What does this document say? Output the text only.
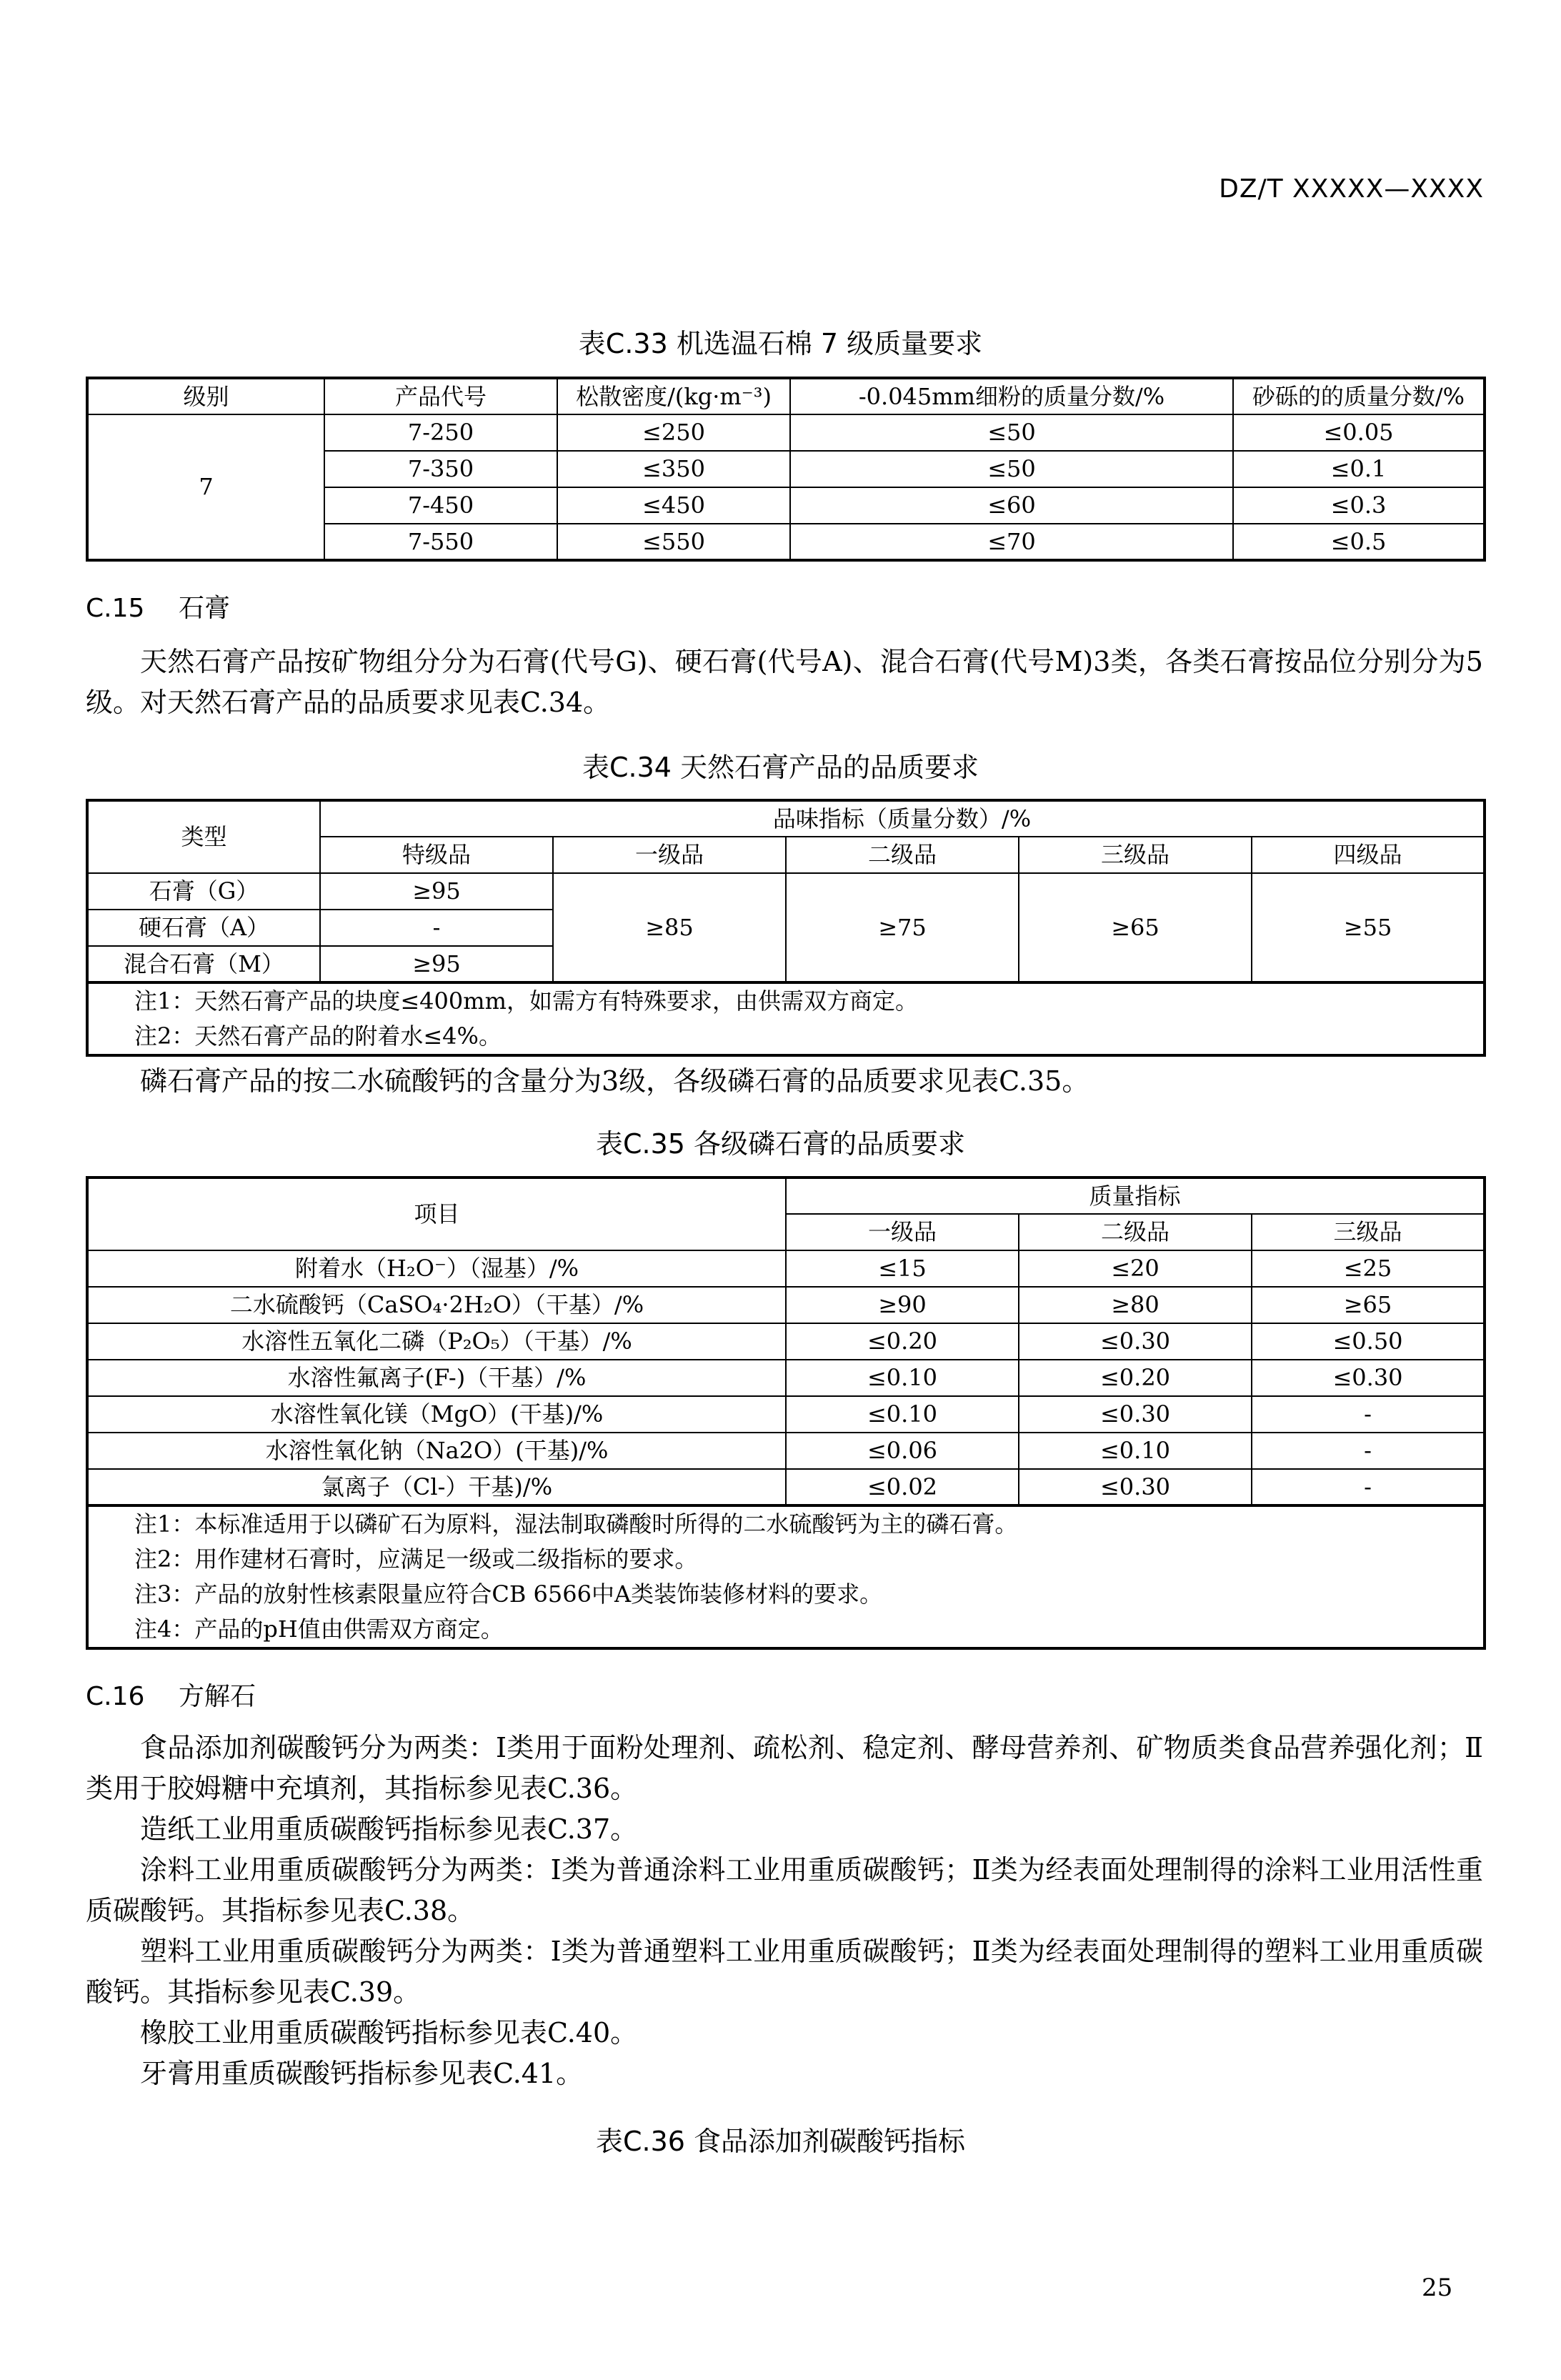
DZ/T XXXXX—XXXX
表C.33 机选温石棉 7 级质量要求
级别	产品代号	松散密度/(kg·m⁻³)	-0.045mm细粉的质量分数/%	砂砾的的质量分数/%
7	7-250	≤250	≤50	≤0.05
	7-350	≤350	≤50	≤0.1
	7-450	≤450	≤60	≤0.3
	7-550	≤550	≤70	≤0.5
C.15 石膏
天然石膏产品按矿物组分分为石膏(代号G)、硬石膏(代号A)、混合石膏(代号M)3类，各类石膏按品位分别分为5级。对天然石膏产品的品质要求见表C.34。
表C.34 天然石膏产品的品质要求
类型	品味指标（质量分数）/%				
	特级品	一级品	二级品	三级品	四级品
石膏（G）	≥95	≥85	≥75	≥65	≥55
硬石膏（A）	-				
混合石膏（M）	≥95				

注1：天然石膏产品的块度≤400mm，如需方有特殊要求，由供需双方商定。
注2：天然石膏产品的附着水≤4%。					
磷石膏产品的按二水硫酸钙的含量分为3级，各级磷石膏的品质要求见表C.35。
表C.35 各级磷石膏的品质要求
项目	质量指标		
	一级品	二级品	三级品
附着水（H₂O⁻）（湿基）/%	≤15	≤20	≤25
二水硫酸钙（CaSO₄·2H₂O）（干基）/%	≥90	≥80	≥65
水溶性五氧化二磷（P₂O₅）（干基）/%	≤0.20	≤0.30	≤0.50
水溶性氟离子(F-)（干基）/%	≤0.10	≤0.20	≤0.30
水溶性氧化镁（MgO）(干基)/%	≤0.10	≤0.30	-
水溶性氧化钠（Na2O）(干基)/%	≤0.06	≤0.10	-
氯离子（Cl-）干基)/%	≤0.02	≤0.30	-

注1：本标准适用于以磷矿石为原料，湿法制取磷酸时所得的二水硫酸钙为主的磷石膏。
注2：用作建材石膏时，应满足一级或二级指标的要求。
注3：产品的放射性核素限量应符合CB 6566中A类装饰装修材料的要求。
注4：产品的pH值由供需双方商定。			
C.16 方解石
食品添加剂碳酸钙分为两类：Ⅰ类用于面粉处理剂、疏松剂、稳定剂、酵母营养剂、矿物质类食品营养强化剂；Ⅱ类用于胶姆糖中充填剂，其指标参见表C.36。
造纸工业用重质碳酸钙指标参见表C.37。
涂料工业用重质碳酸钙分为两类：Ⅰ类为普通涂料工业用重质碳酸钙；Ⅱ类为经表面处理制得的涂料工业用活性重质碳酸钙。其指标参见表C.38。
塑料工业用重质碳酸钙分为两类：Ⅰ类为普通塑料工业用重质碳酸钙；Ⅱ类为经表面处理制得的塑料工业用重质碳酸钙。其指标参见表C.39。
橡胶工业用重质碳酸钙指标参见表C.40。
牙膏用重质碳酸钙指标参见表C.41。
表C.36 食品添加剂碳酸钙指标
25
